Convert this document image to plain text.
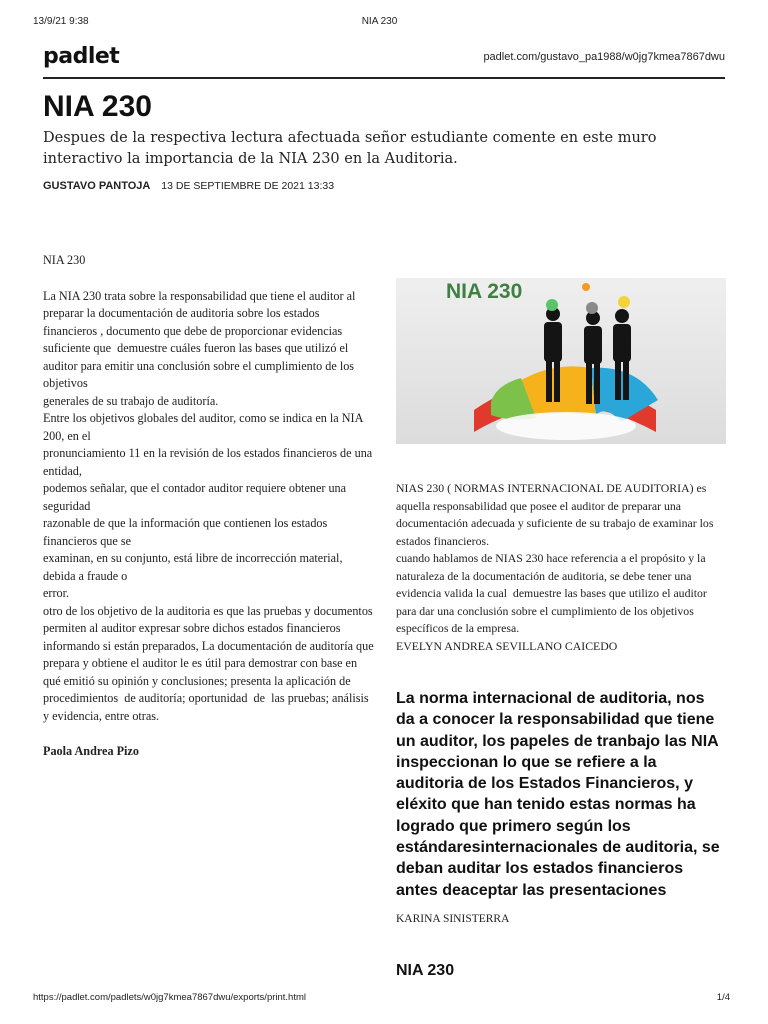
13/9/21 9:38	NIA 230
padlet	padlet.com/gustavo_pa1988/w0jg7kmea7867dwu
NIA 230

Despues de la respectiva lectura afectuada señor estudiante comente en este muro interactivo la importancia de la NIA 230 en la Auditoria.

GUSTAVO PANTOJA 13 DE SEPTIEMBRE DE 2021 13:33

NIA 230

La NIA 230 trata sobre la responsabilidad que tiene el auditor al preparar la documentación de auditoria sobre los estados financieros , documento que debe de proporcionar evidencias suficiente que  demuestre cuáles fueron las bases que utilizó el auditor para emitir una conclusión sobre el cumplimiento de los objetivos
generales de su trabajo de auditoría.
Entre los objetivos globales del auditor, como se indica en la NIA 200, en el
pronunciamiento 11 en la revisión de los estados financieros de una entidad,
podemos señalar, que el contador auditor requiere obtener una seguridad
razonable de que la información que contienen los estados financieros que se
examinan, en su conjunto, está libre de incorrección material, debida a fraude o
error.
otro de los objetivo de la auditoria es que las pruebas y documentos  permiten al auditor expresar sobre dichos estados financieros informando si están preparados, La documentación de auditoría que prepara y obtiene el auditor le es útil para demostrar con base en qué emitió su opinión y conclusiones; presenta la aplicación de procedimientos  de auditoría; oportunidad  de  las pruebas; análisis y evidencia, entre otras.

Paola Andrea Pizo

NIA 230
NIAS 230 ( NORMAS INTERNACIONAL DE AUDITORIA) es aquella responsabilidad que posee el auditor de preparar una documentación adecuada y suficiente de su trabajo de examinar los estados financieros.
cuando hablamos de NIAS 230 hace referencia a el propósito y la naturaleza de la documentación de auditoria, se debe tener una evidencia valida la cual  demuestre las bases que utilizo el auditor para dar una conclusión sobre el cumplimiento de los objetivos específicos de la empresa.
EVELYN ANDREA SEVILLANO CAICEDO

La norma internacional de auditoria, nos da a conocer la responsabilidad que tiene un auditor, los papeles de tranbajo las NIA inspeccionan lo que se refiere a la auditoria de los Estados Financieros, y eléxito que han tenido estas normas ha logrado que primero según los estándaresinternacionales de auditoria, se deban auditar los estados financieros antes deaceptar las presentaciones

KARINA SINISTERRA

NIA 230
https://padlet.com/padlets/w0jg7kmea7867dwu/exports/print.html	1/4
